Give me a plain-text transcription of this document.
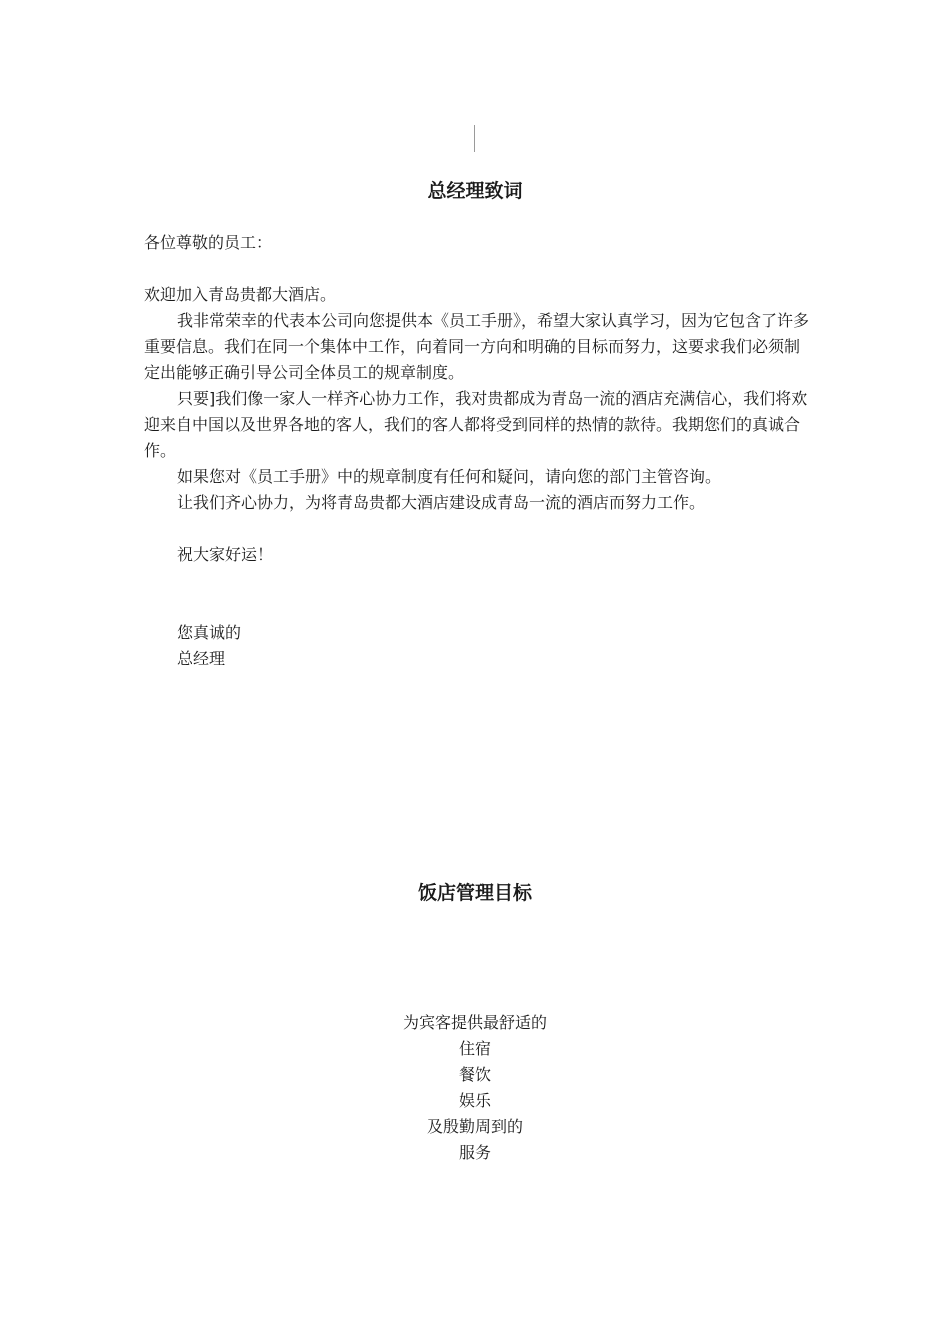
总经理致词

各位尊敬的员工：

欢迎加入青岛贵都大酒店。

我非常荣幸的代表本公司向您提供本《员工手册》，希望大家认真学习，因为它包含了许多重要信息。我们在同一个集体中工作，向着同一方向和明确的目标而努力，这要求我们必须制定出能够正确引导公司全体员工的规章制度。

只要]我们像一家人一样齐心协力工作，我对贵都成为青岛一流的酒店充满信心，我们将欢迎来自中国以及世界各地的客人，我们的客人都将受到同样的热情的款待。我期您们的真诚合作。

如果您对《员工手册》中的规章制度有任何和疑问，请向您的部门主管咨询。

让我们齐心协力，为将青岛贵都大酒店建设成青岛一流的酒店而努力工作。

祝大家好运！

您真诚的

总经理

饭店管理目标
为宾客提供最舒适的
住宿
餐饮
娱乐
及殷勤周到的
服务
